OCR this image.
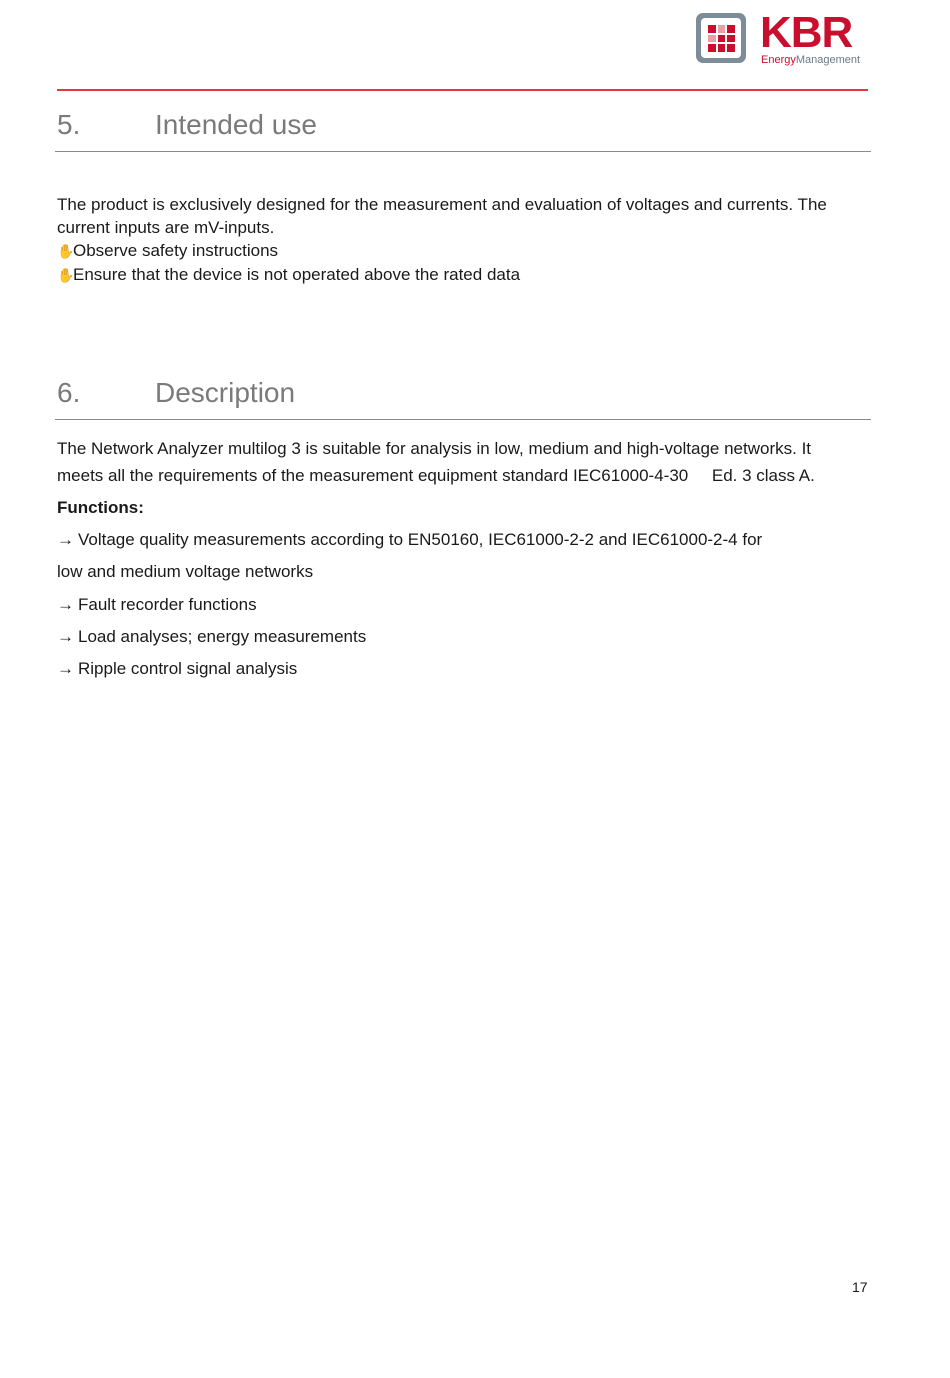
KBR
EnergyManagement
5.	Intended use

The product is exclusively designed for the measurement and evaluation of voltages and currents. The

current inputs are mV-inputs.

✋Observe safety instructions

✋Ensure that the device is not operated above the rated data

6.	Description

The Network Analyzer multilog 3 is suitable for analysis in low, medium and high-voltage networks. It

meets all the requirements of the measurement equipment standard IEC61000-4-30     Ed. 3 class A.

Functions:

→ Voltage quality measurements according to EN50160, IEC61000-2-2 and IEC61000-2-4 for

low and medium voltage networks

→ Fault recorder functions

→ Load analyses; energy measurements

→ Ripple control signal analysis

17
